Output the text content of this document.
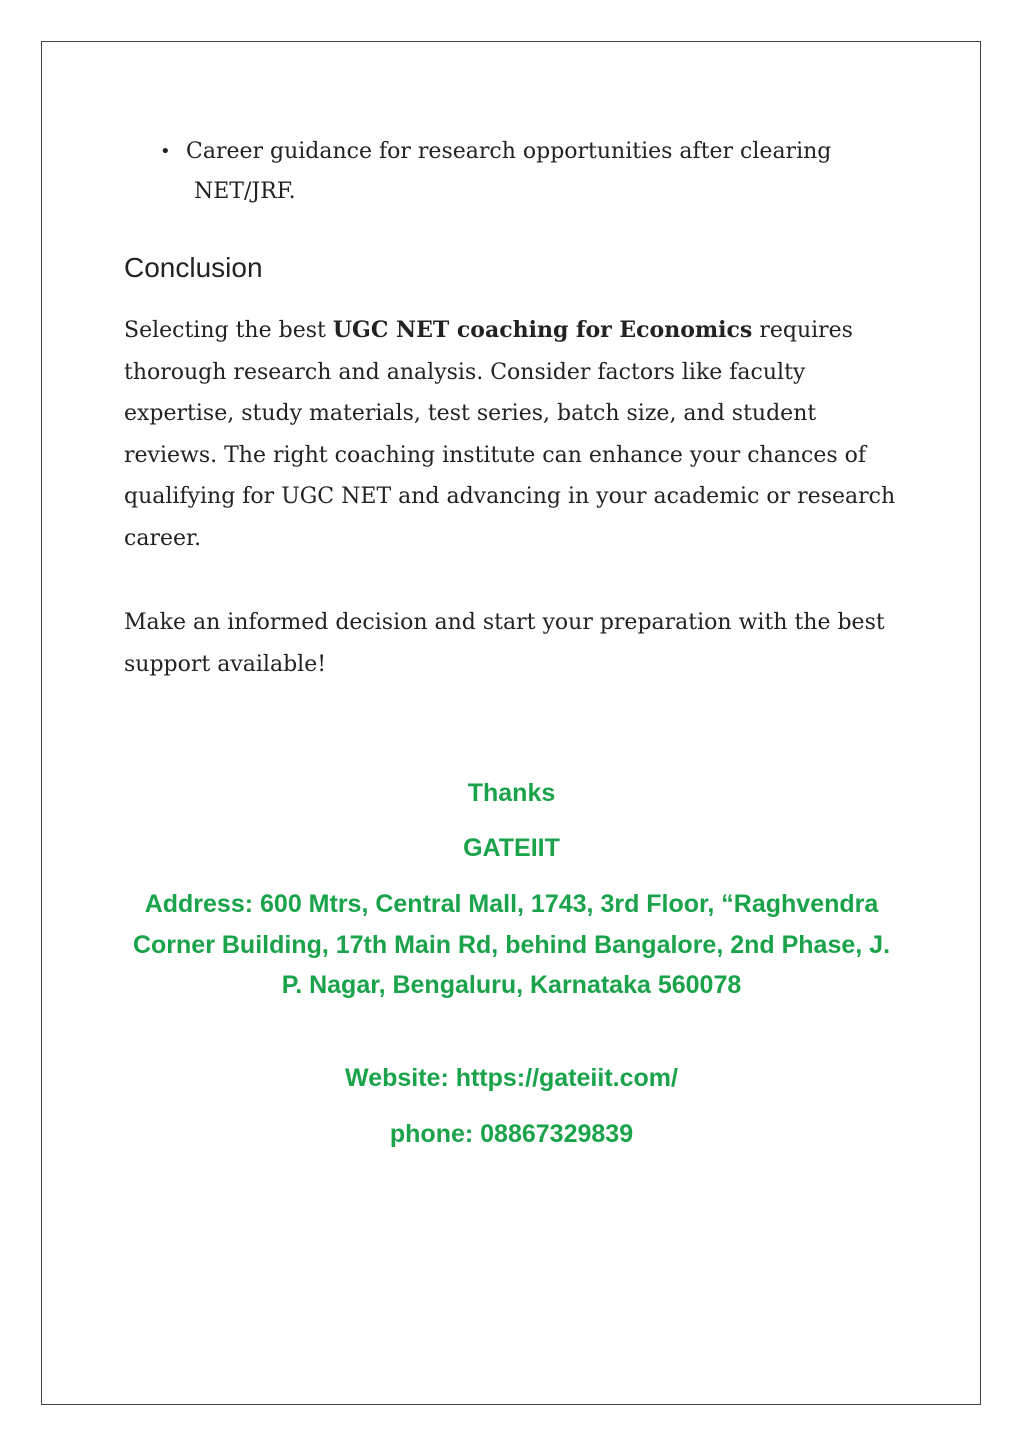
• Career guidance for research opportunities after clearing
NET/JRF.
Conclusion

Selecting the best UGC NET coaching for Economics requires thorough research and analysis. Consider factors like faculty expertise, study materials, test series, batch size, and student reviews. The right coaching institute can enhance your chances of qualifying for UGC NET and advancing in your academic or research career.

Make an informed decision and start your preparation with the best support available!

Thanks

GATEIIT

Address: 600 Mtrs, Central Mall, 1743, 3rd Floor, “Raghvendra Corner Building, 17th Main Rd, behind Bangalore, 2nd Phase, J. P. Nagar, Bengaluru, Karnataka 560078

Website: https://gateiit.com/

phone: 08867329839
